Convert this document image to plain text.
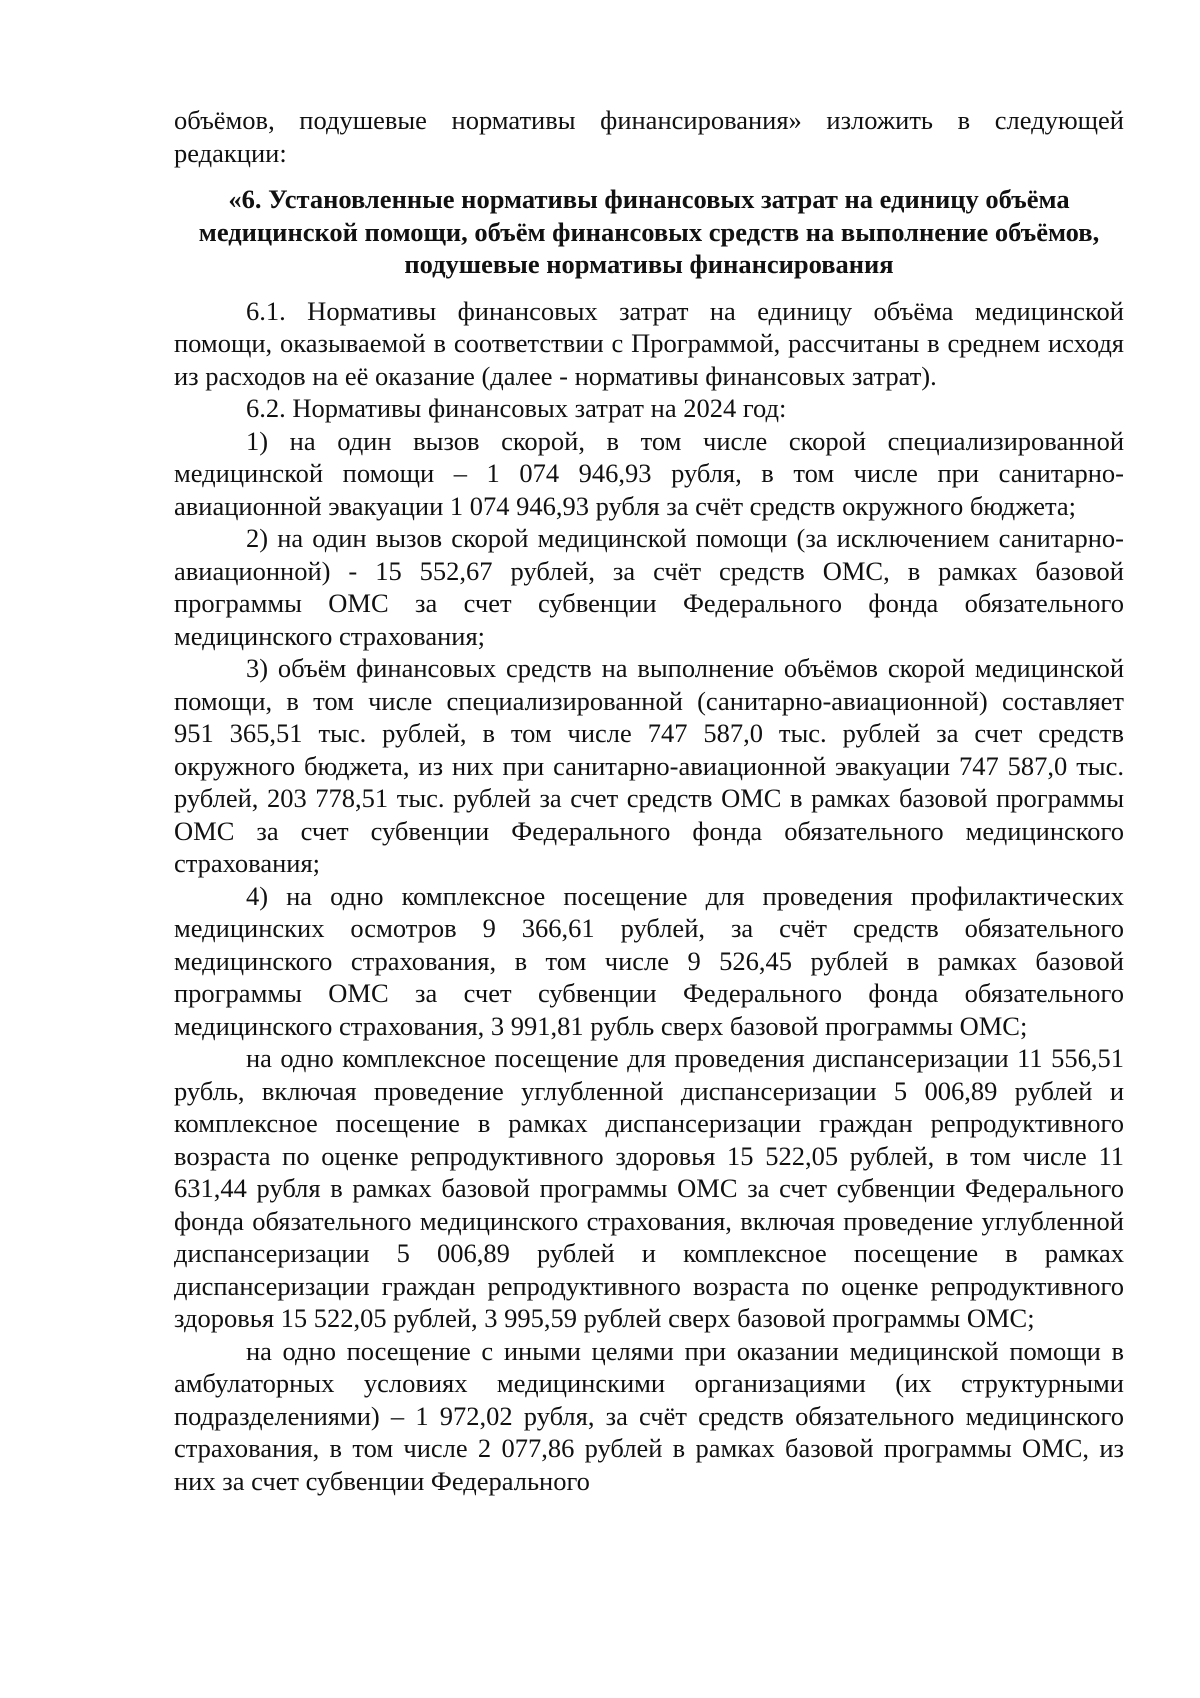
объёмов, подушевые нормативы финансирования» изложить в следующей редакции:

«6. Установленные нормативы финансовых затрат на единицу объёма медицинской помощи, объём финансовых средств на выполнение объёмов, подушевые нормативы финансирования

6.1. Нормативы финансовых затрат на единицу объёма медицинской помощи, оказываемой в соответствии с Программой, рассчитаны в среднем исходя из расходов на её оказание (далее - нормативы финансовых затрат).

6.2. Нормативы финансовых затрат на 2024 год:

1) на один вызов скорой, в том числе скорой специализированной медицинской помощи – 1 074 946,93 рубля, в том числе при санитарно-авиационной эвакуации 1 074 946,93 рубля за счёт средств окружного бюджета;

2) на один вызов скорой медицинской помощи (за исключением санитарно-авиационной) - 15 552,67 рублей, за счёт средств ОМС, в рамках базовой программы ОМС за счет субвенции Федерального фонда обязательного медицинского страхования;

3) объём финансовых средств на выполнение объёмов скорой медицинской помощи, в том числе специализированной (санитарно-авиационной) составляет 951 365,51 тыс. рублей, в том числе 747 587,0 тыс. рублей за счет средств окружного бюджета, из них при санитарно-авиационной эвакуации 747 587,0 тыс. рублей, 203 778,51 тыс. рублей за счет средств ОМС в рамках базовой программы ОМС за счет субвенции Федерального фонда обязательного медицинского страхования;

4) на одно комплексное посещение для проведения профилактических медицинских осмотров 9 366,61 рублей, за счёт средств обязательного медицинского страхования, в том числе 9 526,45 рублей в рамках базовой программы ОМС за счет субвенции Федерального фонда обязательного медицинского страхования, 3 991,81 рубль сверх базовой программы ОМС;

на одно комплексное посещение для проведения диспансеризации 11 556,51 рубль, включая проведение углубленной диспансеризации 5 006,89 рублей и комплексное посещение в рамках диспансеризации граждан репродуктивного возраста по оценке репродуктивного здоровья 15 522,05 рублей, в том числе 11 631,44 рубля в рамках базовой программы ОМС за счет субвенции Федерального фонда обязательного медицинского страхования, включая проведение углубленной диспансеризации 5 006,89 рублей и комплексное посещение в рамках диспансеризации граждан репродуктивного возраста по оценке репродуктивного здоровья 15 522,05 рублей, 3 995,59 рублей сверх базовой программы ОМС;

на одно посещение с иными целями при оказании медицинской помощи в амбулаторных условиях медицинскими организациями (их структурными подразделениями) – 1 972,02 рубля, за счёт средств обязательного медицинского страхования, в том числе 2 077,86 рублей в рамках базовой программы ОМС, из них за счет субвенции Федерального
